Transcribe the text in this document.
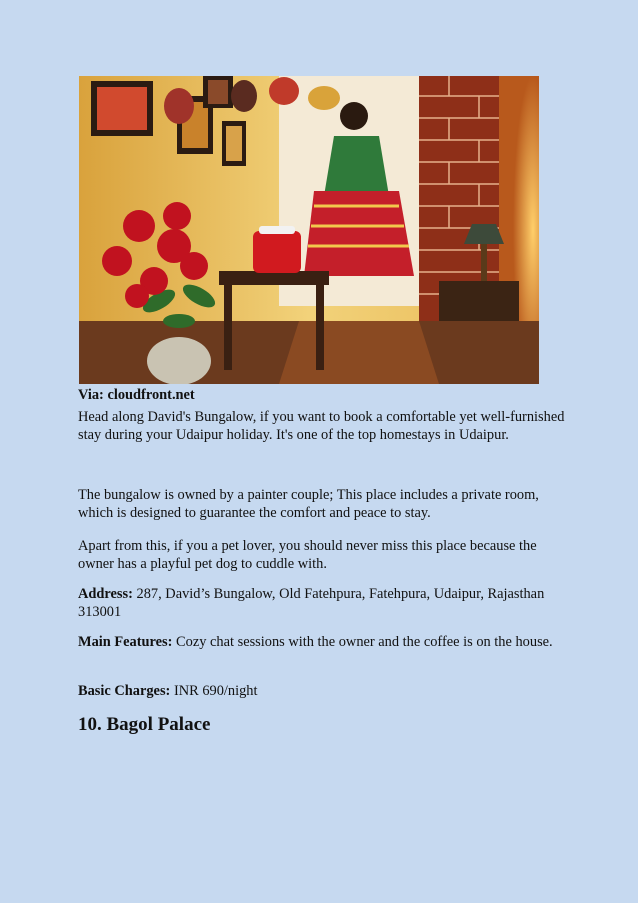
Via: cloudfront.net

Head along David's Bungalow, if you want to book a comfortable yet well-furnished stay during your Udaipur holiday. It's one of the top homestays in Udaipur.

The bungalow is owned by a painter couple; This place includes a private room, which is designed to guarantee the comfort and peace to stay.

Apart from this, if you a pet lover, you should never miss this place because the owner has a playful pet dog to cuddle with.

Address: 287, David’s Bungalow, Old Fatehpura, Fatehpura, Udaipur, Rajasthan 313001

Main Features: Cozy chat sessions with the owner and the coffee is on the house.

Basic Charges: INR 690/night

10. Bagol Palace
